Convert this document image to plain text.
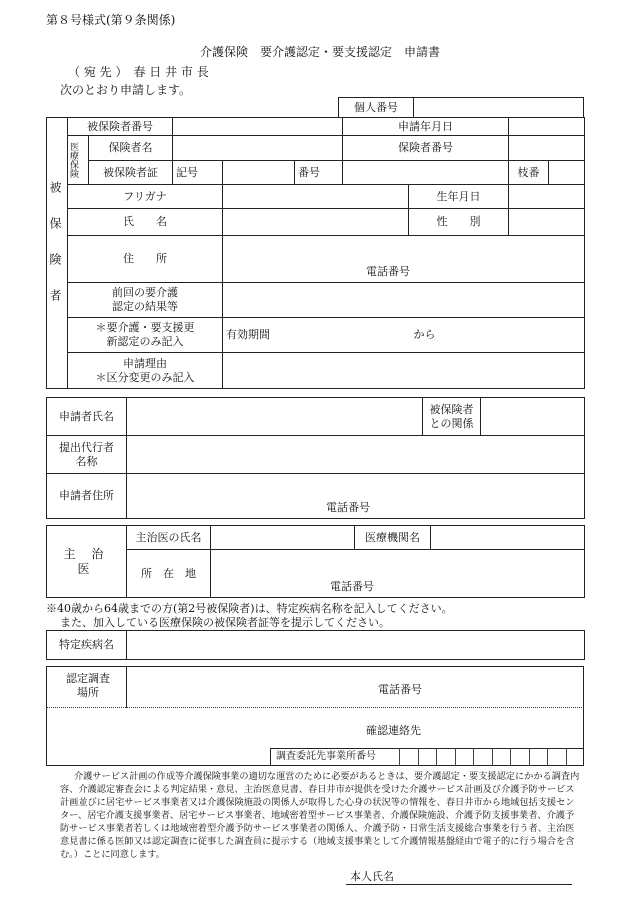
第８号様式(第９条関係)
介護保険　要介護認定・要支援認定　申請書
（ 宛 先 ）　春 日 井 市 長
次のとおり申請します。
個人番号	
被保険者	被保険者番号					申請年月日			

	医療保険	保険者名				保険者番号			
		被保険者証	記号		番号			枝番	
	フリガナ						生年月日		
	氏　　名						性　　別		
	住　　所			電話番号					

	前回の要介護
認定の結果等								

	＊要介護・要支援更
新認定のみ記入			有効期間 から					

	申請理由
＊区分変更のみ記入								

申請者氏名		被保険者
との関係	

提出代行者
名称			

申請者住所	電話番号		
主 治 医	主治医の氏名		医療機関名	
	所　在　地	電話番号		
※40歳から64歳までの方(第2号被保険者)は、特定疾病名称を記入してください。
また、加入している医療保険の被保険者証等を提示してください。
特定疾病名	
認定調査
場所	電話番号
確認連絡先
調査委託先事業所番号
介護サービス計画の作成等介護保険事業の適切な運営のために必要があるときは、要介護認定・要支援認定にかかる調査内容、介護認定審査会による判定結果・意見、主治医意見書、春日井市が提供を受けた介護サービス計画及び介護予防サービス計画並びに居宅サービス事業者又は介護保険施設の関係人が取得した心身の状況等の情報を、春日井市から地域包括支援センター、居宅介護支援事業者、居宅サービス事業者、地域密着型サービス事業者、介護保険施設、介護予防支援事業者、介護予防サービス事業者若しくは地域密着型介護予防サービス事業者の関係人、介護予防・日常生活支援総合事業を行う者、主治医意見書に係る医師又は認定調査に従事した調査員に提示する（地域支援事業として介護情報基盤経由で電子的に行う場合を含む。）ことに同意します。
本人氏名
